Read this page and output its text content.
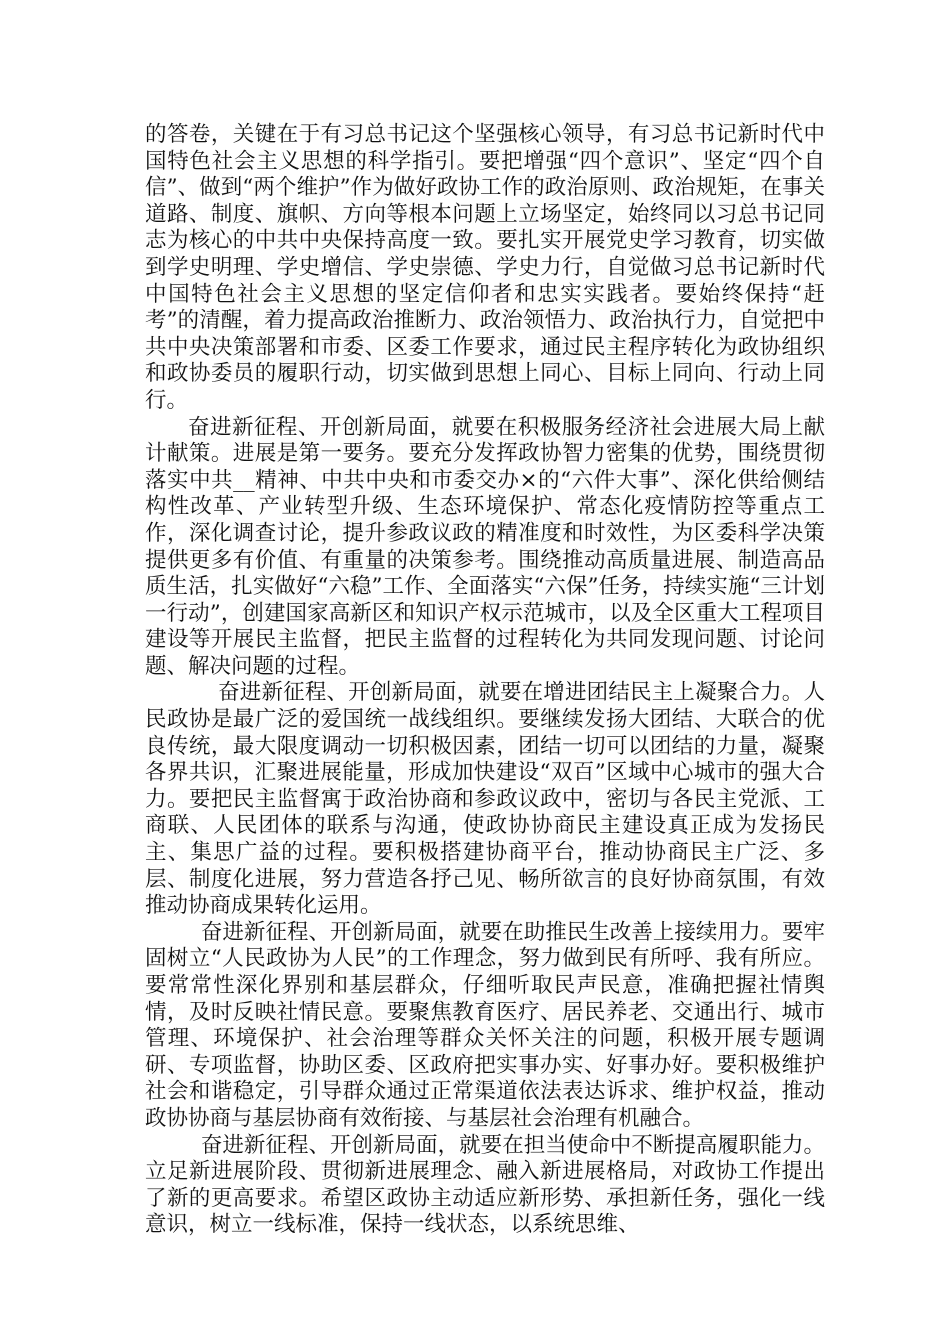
的答卷，关键在于有习总书记这个坚强核心领导，有习总书记新时代中国特色社会主义思想的科学指引。要把增强“四个意识”、坚定“四个自信”、做到“两个维护”作为做好政协工作的政治原则、政治规矩，在事关道路、制度、旗帜、方向等根本问题上立场坚定，始终同以习总书记同志为核心的中共中央保持高度一致。要扎实开展党史学习教育，切实做到学史明理、学史增信、学史崇德、学史力行，自觉做习总书记新时代中国特色社会主义思想的坚定信仰者和忠实实践者。要始终保持“赶考”的清醒，着力提高政治推断力、政治领悟力、政治执行力，自觉把中共中央决策部署和市委、区委工作要求，通过民主程序转化为政协组织和政协委员的履职行动，切实做到思想上同心、目标上同向、行动上同行。

奋进新征程、开创新局面，就要在积极服务经济社会进展大局上献计献策。进展是第一要务。要充分发挥政协智力密集的优势，围绕贯彻落实中共__精神、中共中央和市委交办×的“六件大事”、深化供给侧结构性改革、产业转型升级、生态环境保护、常态化疫情防控等重点工作，深化调查讨论，提升参政议政的精准度和时效性，为区委科学决策提供更多有价值、有重量的决策参考。围绕推动高质量进展、制造高品质生活，扎实做好“六稳”工作、全面落实“六保”任务，持续实施“三计划一行动”，创建国家高新区和知识产权示范城市，以及全区重大工程项目建设等开展民主监督，把民主监督的过程转化为共同发现问题、讨论问题、解决问题的过程。

奋进新征程、开创新局面，就要在增进团结民主上凝聚合力。人民政协是最广泛的爱国统一战线组织。要继续发扬大团结、大联合的优良传统，最大限度调动一切积极因素，团结一切可以团结的力量，凝聚各界共识，汇聚进展能量，形成加快建设“双百”区域中心城市的强大合力。要把民主监督寓于政治协商和参政议政中，密切与各民主党派、工商联、人民团体的联系与沟通，使政协协商民主建设真正成为发扬民主、集思广益的过程。要积极搭建协商平台，推动协商民主广泛、多层、制度化进展，努力营造各抒己见、畅所欲言的良好协商氛围，有效推动协商成果转化运用。

奋进新征程、开创新局面，就要在助推民生改善上接续用力。要牢固树立“人民政协为人民”的工作理念，努力做到民有所呼、我有所应。要常常性深化界别和基层群众，仔细听取民声民意，准确把握社情舆情，及时反映社情民意。要聚焦教育医疗、居民养老、交通出行、城市管理、环境保护、社会治理等群众关怀关注的问题，积极开展专题调研、专项监督，协助区委、区政府把实事办实、好事办好。要积极维护社会和谐稳定，引导群众通过正常渠道依法表达诉求、维护权益，推动政协协商与基层协商有效衔接、与基层社会治理有机融合。

奋进新征程、开创新局面，就要在担当使命中不断提高履职能力。立足新进展阶段、贯彻新进展理念、融入新进展格局，对政协工作提出了新的更高要求。希望区政协主动适应新形势、承担新任务，强化一线意识，树立一线标准，保持一线状态，以系统思维、
